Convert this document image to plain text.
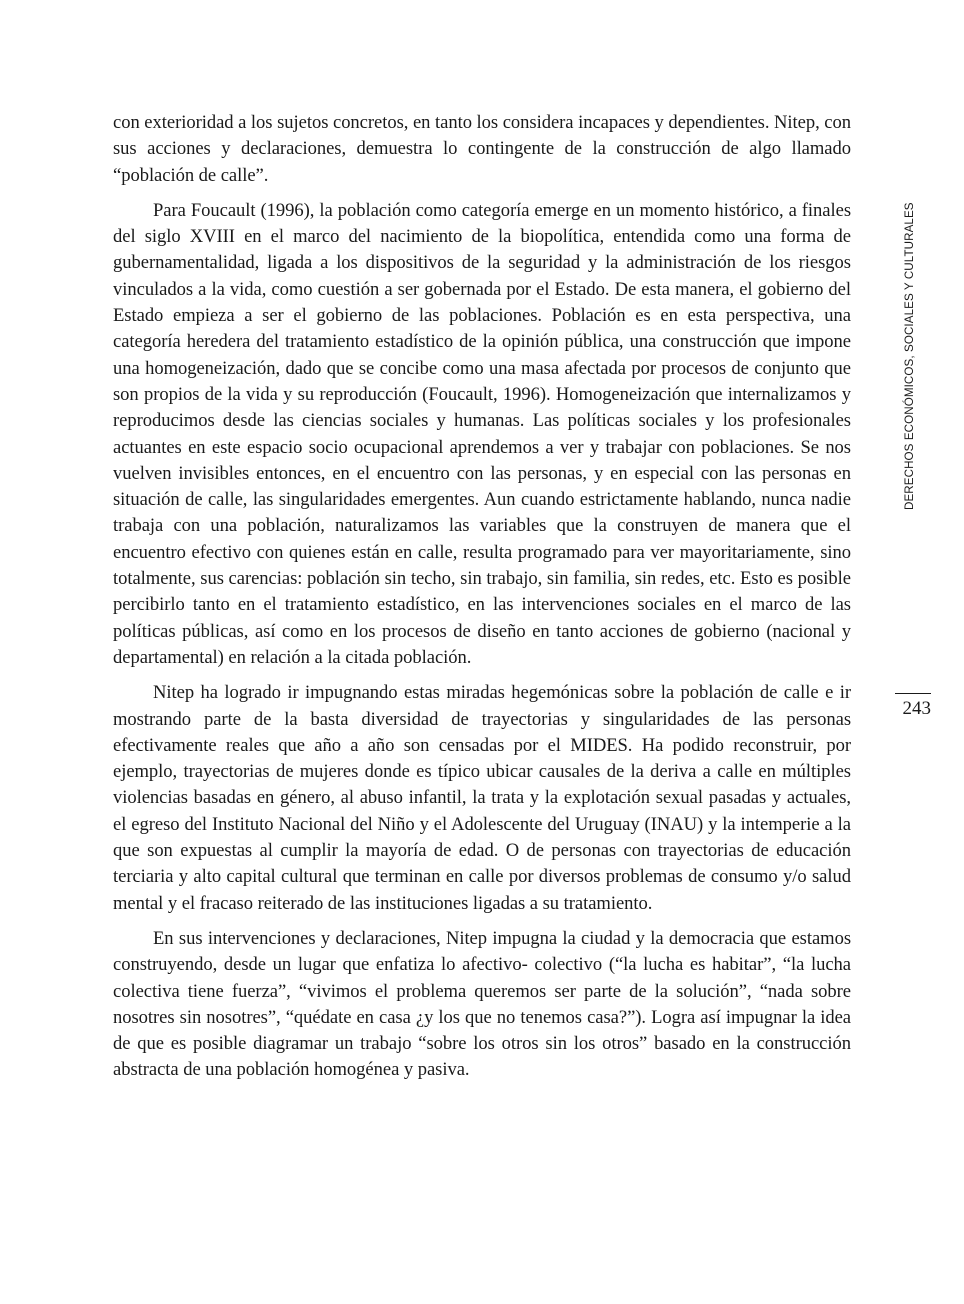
con exterioridad a los sujetos concretos, en tanto los considera incapaces y dependientes. Nitep, con sus acciones y declaraciones, demuestra lo contingente de la construcción de algo llamado “población de calle”.

Para Foucault (1996), la población como categoría emerge en un momento histórico, a finales del siglo XVIII en el marco del nacimiento de la biopolítica, entendida como una forma de gubernamentalidad, ligada a los dispositivos de la seguridad y la administración de los riesgos vinculados a la vida, como cuestión a ser gobernada por el Estado. De esta manera, el gobierno del Estado empieza a ser el gobierno de las poblaciones. Población es en esta perspectiva, una categoría heredera del tratamiento estadístico de la opinión pública, una construcción que impone una homogeneización, dado que se concibe como una masa afectada por procesos de conjunto que son propios de la vida y su reproducción (Foucault, 1996). Homogeneización que internalizamos y reproducimos desde las ciencias sociales y humanas. Las políticas sociales y los profesionales actuantes en este espacio socio ocupacional aprendemos a ver y trabajar con poblaciones. Se nos vuelven invisibles entonces, en el encuentro con las personas, y en especial con las personas en situación de calle, las singularidades emergentes. Aun cuando estrictamente hablando, nunca nadie trabaja con una población, naturalizamos las variables que la construyen de manera que el encuentro efectivo con quienes están en calle, resulta programado para ver mayoritariamente, sino totalmente, sus carencias: población sin techo, sin trabajo, sin familia, sin redes, etc. Esto es posible percibirlo tanto en el tratamiento estadístico, en las intervenciones sociales en el marco de las políticas públicas, así como en los procesos de diseño en tanto acciones de gobierno (nacional y departamental) en relación a la citada población.

Nitep ha logrado ir impugnando estas miradas hegemónicas sobre la población de calle e ir mostrando parte de la basta diversidad de trayectorias y singularidades de las personas efectivamente reales que año a año son censadas por el MIDES. Ha podido reconstruir, por ejemplo, trayectorias de mujeres donde es típico ubicar causales de la deriva a calle en múltiples violencias basadas en género, al abuso infantil, la trata y la explotación sexual pasadas y actuales, el egreso del Instituto Nacional del Niño y el Adolescente del Uruguay (INAU) y la intemperie a la que son expuestas al cumplir la mayoría de edad. O de personas con trayectorias de educación terciaria y alto capital cultural que terminan en calle por diversos problemas de consumo y/o salud mental y el fracaso reiterado de las instituciones ligadas a su tratamiento.

En sus intervenciones y declaraciones, Nitep impugna la ciudad y la democracia que estamos construyendo, desde un lugar que enfatiza lo afectivo- colectivo (“la lucha es habitar”, “la lucha colectiva tiene fuerza”, “vivimos el problema queremos ser parte de la solución”, “nada sobre nosotres sin nosotres”, “quédate en casa ¿y los que no tenemos casa?”). Logra así impugnar la idea de que es posible diagramar un trabajo “sobre los otros sin los otros” basado en la construcción abstracta de una población homogénea y pasiva.

DERECHOS ECONÓMICOS, SOCIALES Y CULTURALES
243
